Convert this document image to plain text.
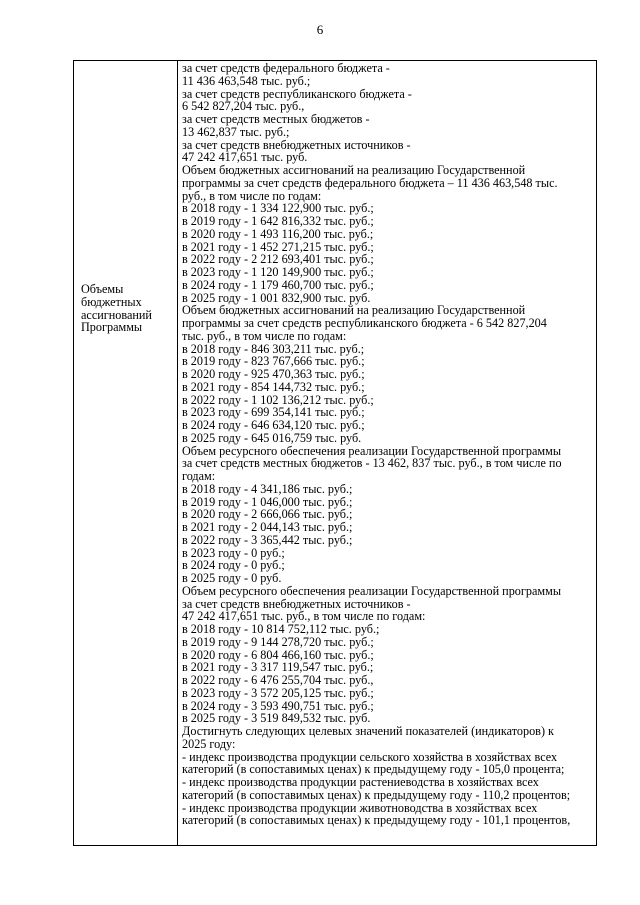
6
Объемы
бюджетных
ассигнований
Программы
за счет средств федерального бюджета -
11 436 463,548 тыс. руб.;
за счет средств республиканского бюджета -
6 542 827,204 тыс. руб.,
за счет средств местных бюджетов -
13 462,837 тыс. руб.;
за счет средств внебюджетных источников -
47 242 417,651 тыс. руб.
Объем бюджетных ассигнований на реализацию Государственной
программы за счет средств федерального бюджета – 11 436 463,548 тыс.
руб., в том числе по годам:
в 2018 году - 1 334 122,900 тыс. руб.;
в 2019 году - 1 642 816,332 тыс. руб.;
в 2020 году - 1 493 116,200 тыс. руб.;
в 2021 году - 1 452 271,215 тыс. руб.;
в 2022 году - 2 212 693,401 тыс. руб.;
в 2023 году - 1 120 149,900 тыс. руб.;
в 2024 году - 1 179 460,700 тыс. руб.;
в 2025 году - 1 001 832,900 тыс. руб.
Объем бюджетных ассигнований на реализацию Государственной
программы за счет средств республиканского бюджета - 6 542 827,204
тыс. руб., в том числе по годам:
в 2018 году - 846 303,211 тыс. руб.;
в 2019 году - 823 767,666 тыс. руб.;
в 2020 году - 925 470,363 тыс. руб.;
в 2021 году - 854 144,732 тыс. руб.;
в 2022 году - 1 102 136,212 тыс. руб.;
в 2023 году - 699 354,141 тыс. руб.;
в 2024 году - 646 634,120 тыс. руб.;
в 2025 году - 645 016,759 тыс. руб.
Объем ресурсного обеспечения реализации Государственной программы
за счет средств местных бюджетов - 13 462, 837 тыс. руб., в том числе по
годам:
в 2018 году - 4 341,186 тыс. руб.;
в 2019 году - 1 046,000 тыс. руб.;
в 2020 году - 2 666,066 тыс. руб.;
в 2021 году - 2 044,143 тыс. руб.;
в 2022 году - 3 365,442 тыс. руб.;
в 2023 году - 0 руб.;
в 2024 году - 0 руб.;
в 2025 году - 0 руб.
Объем ресурсного обеспечения реализации Государственной программы
за счет средств внебюджетных источников -
47 242 417,651 тыс. руб., в том числе по годам:
в 2018 году - 10 814 752,112 тыс. руб.;
в 2019 году - 9 144 278,720 тыс. руб.;
в 2020 году - 6 804 466,160 тыс. руб.;
в 2021 году - 3 317 119,547 тыс. руб.;
в 2022 году - 6 476 255,704 тыс. руб.,
в 2023 году - 3 572 205,125 тыс. руб.;
в 2024 году - 3 593 490,751 тыс. руб.;
в 2025 году - 3 519 849,532 тыс. руб.
Достигнуть следующих целевых значений показателей (индикаторов) к
2025 году:
- индекс производства продукции сельского хозяйства в хозяйствах всех
категорий (в сопоставимых ценах) к предыдущему году - 105,0 процента;
- индекс производства продукции растениеводства в хозяйствах всех
категорий (в сопоставимых ценах) к предыдущему году - 110,2 процентов;
- индекс производства продукции животноводства в хозяйствах всех
категорий (в сопоставимых ценах) к предыдущему году - 101,1 процентов,
